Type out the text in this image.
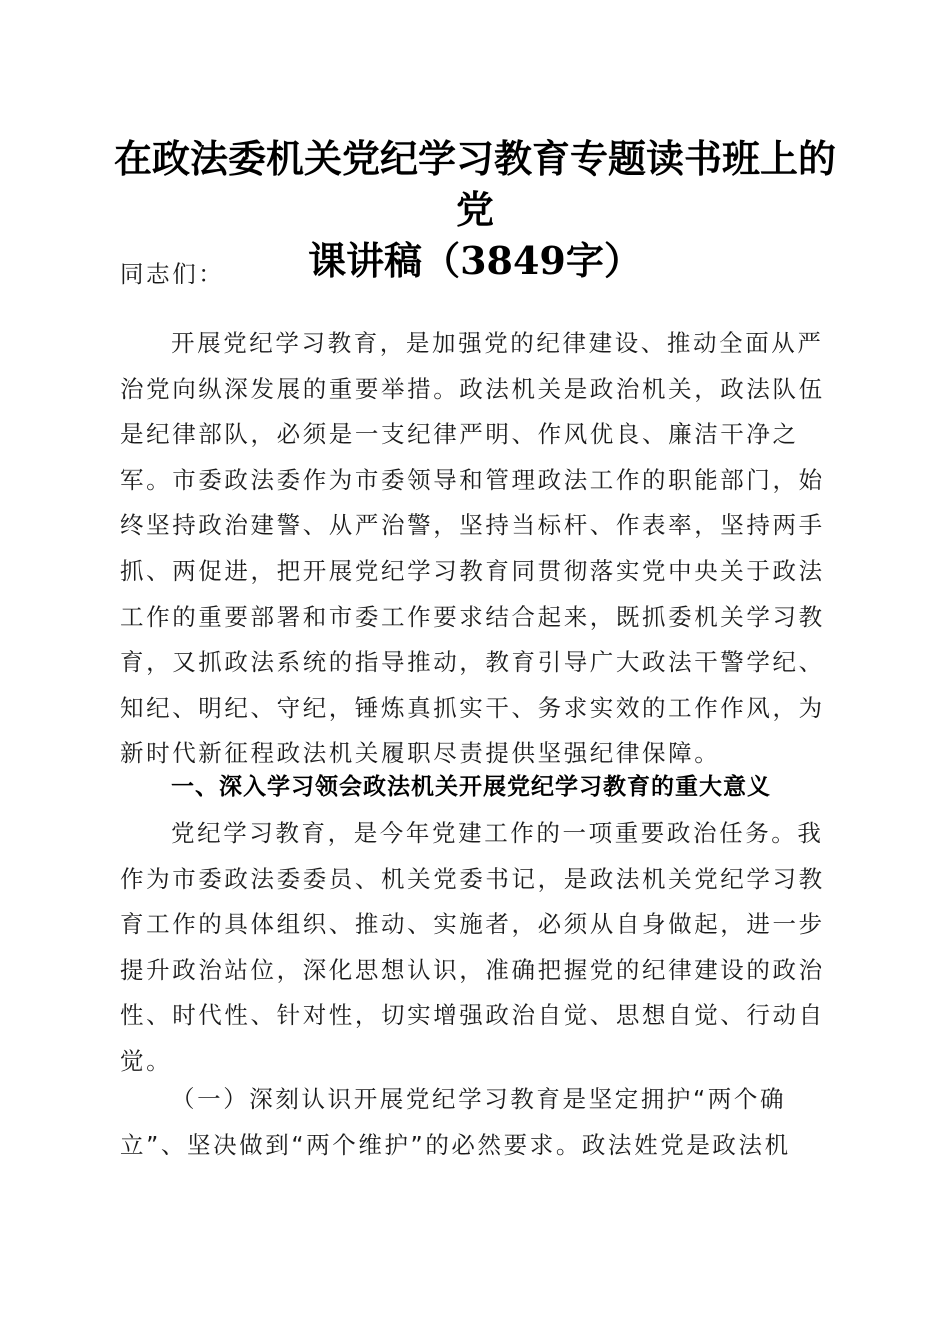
在政法委机关党纪学习教育专题读书班上的党
课讲稿（3849字）

同志们：

开展党纪学习教育，是加强党的纪律建设、推动全面从严治党向纵深发展的重要举措。政法机关是政治机关，政法队伍是纪律部队，必须是一支纪律严明、作风优良、廉洁干净之军。市委政法委作为市委领导和管理政法工作的职能部门，始终坚持政治建警、从严治警，坚持当标杆、作表率，坚持两手抓、两促进，把开展党纪学习教育同贯彻落实党中央关于政法工作的重要部署和市委工作要求结合起来，既抓委机关学习教育，又抓政法系统的指导推动，教育引导广大政法干警学纪、知纪、明纪、守纪，锤炼真抓实干、务求实效的工作作风，为新时代新征程政法机关履职尽责提供坚强纪律保障。

一、深入学习领会政法机关开展党纪学习教育的重大意义

党纪学习教育，是今年党建工作的一项重要政治任务。我作为市委政法委委员、机关党委书记，是政法机关党纪学习教育工作的具体组织、推动、实施者，必须从自身做起，进一步提升政治站位，深化思想认识，准确把握党的纪律建设的政治性、时代性、针对性，切实增强政治自觉、思想自觉、行动自觉。

（一）深刻认识开展党纪学习教育是坚定拥护“两个确立”、坚决做到“两个维护”的必然要求。政法姓党是政法机
